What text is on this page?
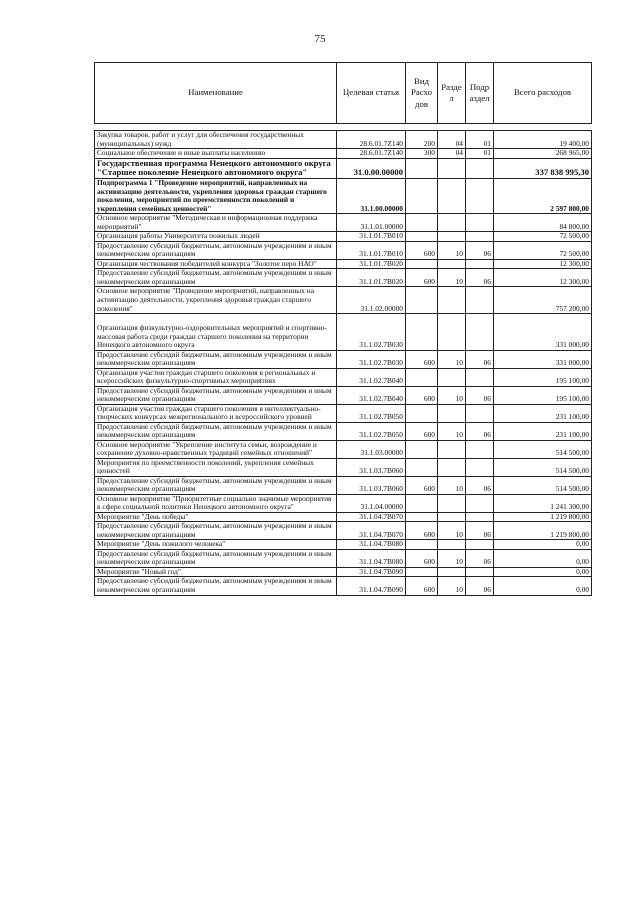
75
Наименование	Целевая статья	Вид Расхо дов	Разде л	Подр аздел	Всего расходов

Закупка товаров, работ и услуг для обеспечения государственных (муниципальных) нужд	28.6.01.7Z140	200	04	01	19 400,00
Социальное обеспечение и иные выплаты населению	28.6.01.7Z140	300	04	01	268 965,00
Государственная программа Ненецкого автономного округа "Старшее поколение Ненецкого автономного округа"	31.0.00.00000				337 838 995,30
Подпрограмма 1 "Проведение мероприятий, направленных на активизацию деятельности, укрепления здоровья граждан старшего поколения, мероприятий по преемственности поколений и укрепления семейных ценностей"	31.1.00.00000				2 597 800,00
Основное мероприятие "Методическая и информационная поддержка мероприятий"	31.1.01.00000				84 800,00
Организация работы Университета пожилых людей	31.1.01.7В010				72 500,00
Предоставление субсидий бюджетным, автономным учреждениям и иным некоммерческим организациям	31.1.01.7В010	600	10	06	72 500,00
Организация чествования победителей конкурса "Золотое перо НАО"	31.1.01.7В020				12 300,00
Предоставление субсидий бюджетным, автономным учреждениям и иным некоммерческим организациям	31.1.01.7В020	600	10	06	12 300,00
Основное мероприятие "Проведение мероприятий, направленных на активизацию деятельности, укрепления здоровья граждан старшего поколения"	31.1.02.00000				757 200,00
Организация физкультурно-оздоровительных мероприятий и спортивно-массовая работа среди граждан старшего поколения на территории Ненецкого автономного округа	31.1.02.7В030				331 000,00
Предоставление субсидий бюджетным, автономным учреждениям и иным некоммерческим организациям	31.1.02.7В030	600	10	06	331 000,00
Организация участия граждан старшего поколения в региональных и всероссийских физкультурно-спортивных мероприятиях	31.1.02.7В040				195 100,00
Предоставление субсидий бюджетным, автономным учреждениям и иным некоммерческим организациям	31.1.02.7В040	600	10	06	195 100,00
Организация участия граждан старшего поколения в интеллектуально-творческих конкурсах межрегионального и всероссийского уровней	31.1.02.7В050				231 100,00
Предоставление субсидий бюджетным, автономным учреждениям и иным некоммерческим организациям	31.1.02.7В050	600	10	06	231 100,00
Основное мероприятие "Укрепление института семьи, возрождение и сохранение духовно-нравственных традиций семейных отношений"	31.1.03.00000				514 500,00
Мероприятия по преемственности поколений, укрепления семейных ценностей	31.1.03.7В060				514 500,00
Предоставление субсидий бюджетным, автономным учреждениям и иным некоммерческим организациям	31.1.03.7В060	600	10	06	514 500,00
Основное мероприятие "Приоритетные социально значимые мероприятия в сфере социальной политики Ненецкого автономного округа"	31.1.04.00000				1 241 300,00
Мероприятие "День победы"	31.1.04.7В070				1 219 800,00
Предоставление субсидий бюджетным, автономным учреждениям и иным некоммерческим организациям	31.1.04.7В070	600	10	06	1 219 800,00
Мероприятие "День пожилого человека"	31.1.04.7В080				0,00
Предоставление субсидий бюджетным, автономным учреждениям и иным некоммерческим организациям	31.1.04.7В080	600	10	06	0,00
Мероприятие "Новый год"	31.1.04.7В090				0,00
Предоставление субсидий бюджетным, автономным учреждениям и иным некоммерческим организациям	31.1.04.7В090	600	10	06	0,00
